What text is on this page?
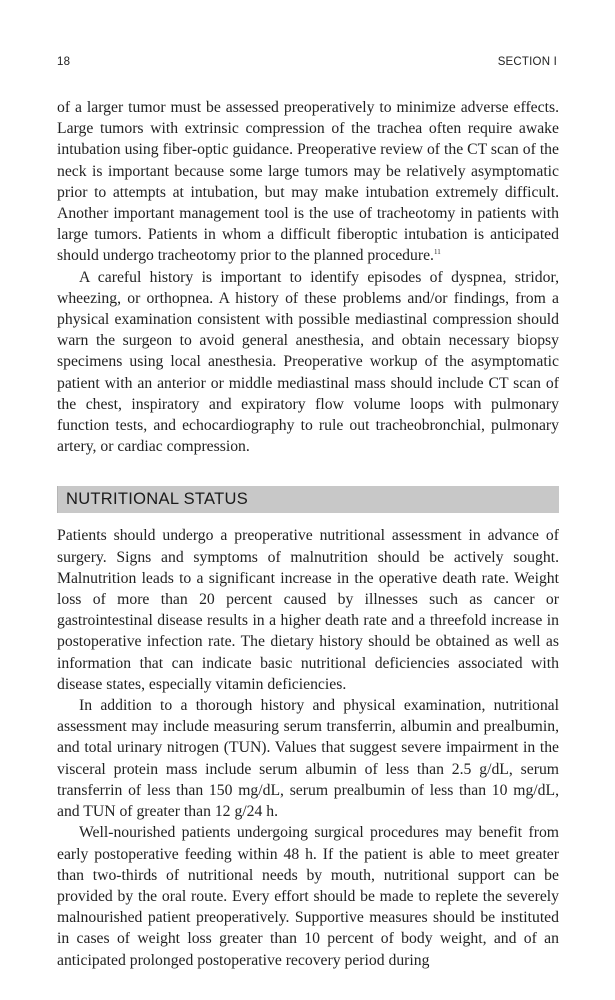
18	SECTION I

of a larger tumor must be assessed preoperatively to minimize adverse effects. Large tumors with extrinsic compression of the trachea often require awake intubation using fiber-optic guidance. Preoperative review of the CT scan of the neck is important because some large tumors may be relatively asymptomatic prior to attempts at intubation, but may make intubation extremely difficult. Another important management tool is the use of tracheotomy in patients with large tumors. Patients in whom a difficult fiberoptic intubation is anticipated should undergo tracheotomy prior to the planned procedure.$^{11}$

A careful history is important to identify episodes of dyspnea, stridor, wheezing, or orthopnea. A history of these problems and/or findings, from a physical examination consistent with possible mediastinal compression should warn the surgeon to avoid general anesthesia, and obtain necessary biopsy specimens using local anesthesia. Preoperative workup of the asymptomatic patient with an anterior or middle mediastinal mass should include CT scan of the chest, inspiratory and expiratory flow volume loops with pulmonary function tests, and echocardiography to rule out tracheobronchial, pulmonary artery, or cardiac compression.

NUTRITIONAL STATUS

Patients should undergo a preoperative nutritional assessment in advance of surgery. Signs and symptoms of malnutrition should be actively sought. Malnutrition leads to a significant increase in the operative death rate. Weight loss of more than 20 percent caused by illnesses such as cancer or gastrointestinal disease results in a higher death rate and a threefold increase in postoperative infection rate. The dietary history should be obtained as well as information that can indicate basic nutritional deficiencies associated with disease states, especially vitamin deficiencies.

In addition to a thorough history and physical examination, nutritional assessment may include measuring serum transferrin, albumin and prealbumin, and total urinary nitrogen (TUN). Values that suggest severe impairment in the visceral protein mass include serum albumin of less than 2.5 g/dL, serum transferrin of less than 150 mg/dL, serum prealbumin of less than 10 mg/dL, and TUN of greater than 12 g/24 h.

Well-nourished patients undergoing surgical procedures may benefit from early postoperative feeding within 48 h. If the patient is able to meet greater than two-thirds of nutritional needs by mouth, nutritional support can be provided by the oral route. Every effort should be made to replete the severely malnourished patient preoperatively. Supportive measures should be instituted in cases of weight loss greater than 10 percent of body weight, and of an anticipated prolonged postoperative recovery period during
